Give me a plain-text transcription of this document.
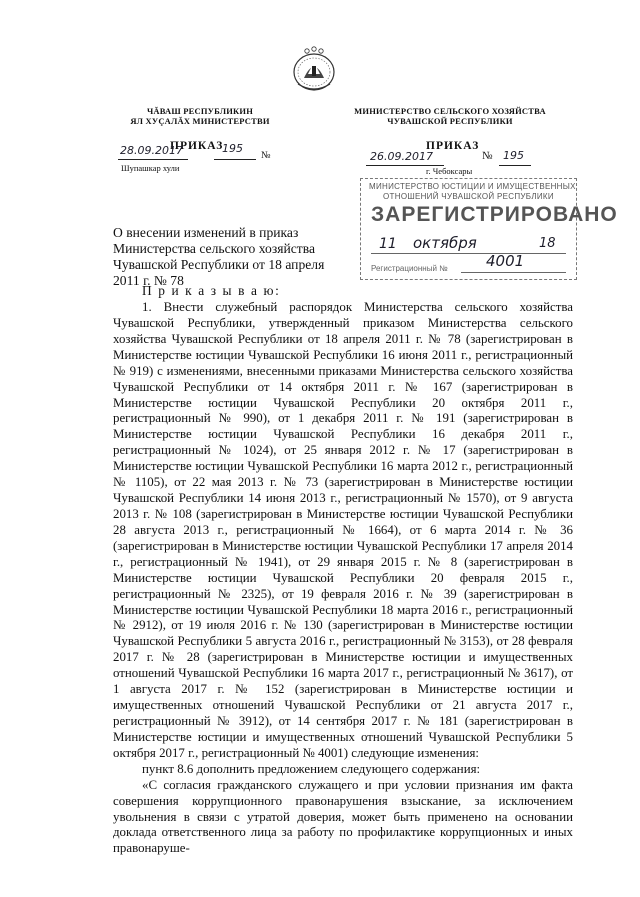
ЧĂВАШ РЕСПУБЛИКИН
ЯЛ ХУÇАЛĂХ МИНИСТЕРСТВИ
ПРИКАЗ
28.09.2017	195
№
Шупашкар хули
МИНИСТЕРСТВО СЕЛЬСКОГО ХОЗЯЙСТВА
ЧУВАШСКОЙ РЕСПУБЛИКИ
ПРИКАЗ
26.09.2017	№ 195
г. Чебоксары
МИНИСТЕРСТВО ЮСТИЦИИ И ИМУЩЕСТВЕННЫХ
ОТНОШЕНИЙ ЧУВАШСКОЙ РЕСПУБЛИКИ
ЗАРЕГИСТРИРОВАНО
11 октября	18
Регистрационный №	4001
О внесении изменений в приказ Министерства сельского хозяйства Чувашской Республики от 18 апреля 2011 г. № 78
П р и к а з ы в а ю:

1. Внести служебный распорядок Министерства сельского хозяйства Чувашской Республики, утвержденный приказом Министерства сельского хозяйства Чувашской Республики от 18 апреля 2011 г. № 78 (зарегистрирован в Министерстве юстиции Чувашской Республики 16 июня 2011 г., регистрационный № 919) с изменениями, внесенными приказами Министерства сельского хозяйства Чувашской Республики от 14 октября 2011 г. № 167 (зарегистрирован в Министерстве юстиции Чувашской Республики 20 октября 2011 г., регистрационный № 990), от 1 декабря 2011 г. № 191 (зарегистрирован в Министерстве юстиции Чувашской Республики 16 декабря 2011 г., регистрационный № 1024), от 25 января 2012 г. № 17 (зарегистрирован в Министерстве юстиции Чувашской Республики 16 марта 2012 г., регистрационный № 1105), от 22 мая 2013 г. № 73 (зарегистрирован в Министерстве юстиции Чувашской Республики 14 июня 2013 г., регистрационный № 1570), от 9 августа 2013 г. № 108 (зарегистрирован в Министерстве юстиции Чувашской Республики 28 августа 2013 г., регистрационный № 1664), от 6 марта 2014 г. № 36 (зарегистрирован в Министерстве юстиции Чувашской Республики 17 апреля 2014 г., регистрационный № 1941), от 29 января 2015 г. № 8 (зарегистрирован в Министерстве юстиции Чувашской Республики 20 февраля 2015 г., регистрационный № 2325), от 19 февраля 2016 г. № 39 (зарегистрирован в Министерстве юстиции Чувашской Республики 18 марта 2016 г., регистрационный № 2912), от 19 июля 2016 г. № 130 (зарегистрирован в Министерстве юстиции Чувашской Республики 5 августа 2016 г., регистрационный № 3153), от 28 февраля 2017 г. № 28 (зарегистрирован в Министерстве юстиции и имущественных отношений Чувашской Республики 16 марта 2017 г., регистрационный № 3617), от 1 августа 2017 г. № 152 (зарегистрирован в Министерстве юстиции и имущественных отношений Чувашской Республики от 21 августа 2017 г., регистрационный № 3912), от 14 сентября 2017 г. № 181 (зарегистрирован в Министерстве юстиции и имущественных отношений Чувашской Республики 5 октября 2017 г., регистрационный № 4001) следующие изменения:

пункт 8.6 дополнить предложением следующего содержания:

«С согласия гражданского служащего и при условии признания им факта совершения коррупционного правонарушения взыскание, за исключением увольнения в связи с утратой доверия, может быть применено на основании доклада ответственного лица за работу по профилактике коррупционных и иных правонаруше-
